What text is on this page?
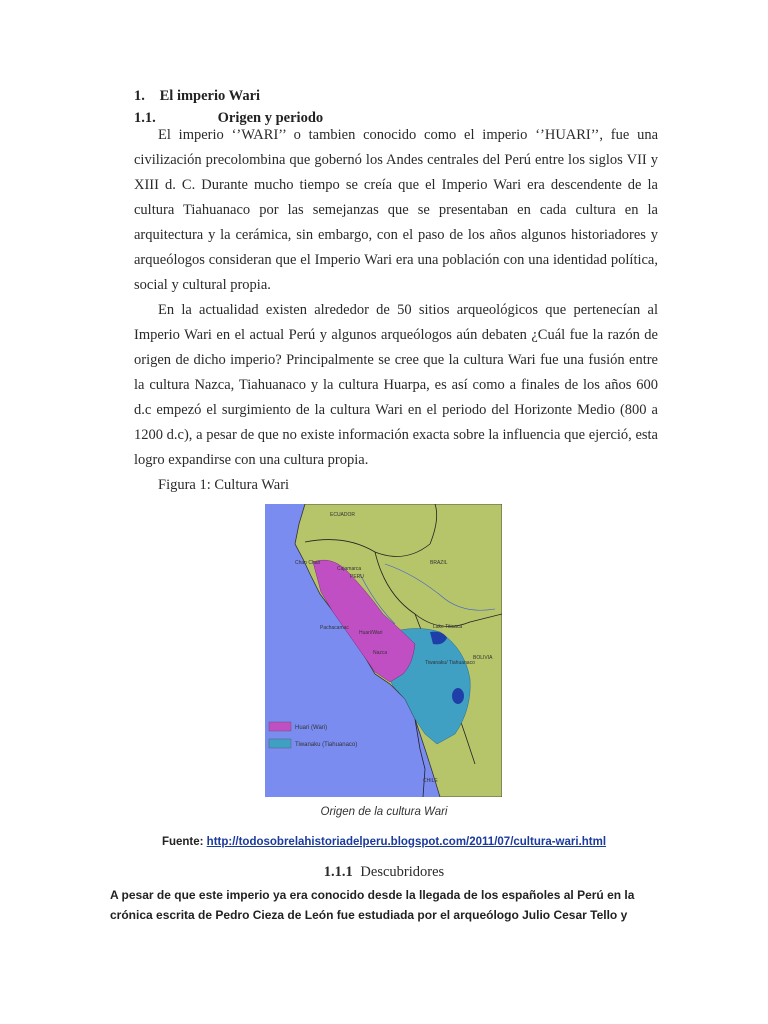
1. El imperio Wari
1.1.	Origen y periodo

El imperio ‘’WARI’’ o tambien conocido como el imperio ‘’HUARI’’, fue una civilización precolombina que gobernó los Andes centrales del Perú entre los siglos VII y XIII d. C. Durante mucho tiempo se creía que el Imperio Wari era descendente de la cultura Tiahuanaco por las semejanzas que se presentaban en cada cultura en la arquitectura y la cerámica, sin embargo, con el paso de los años algunos historiadores y arqueólogos consideran que el Imperio Wari era una población con una identidad política, social y cultural propia.

En la actualidad existen alrededor de 50 sitios arqueológicos que pertenecían al Imperio Wari en el actual Perú y algunos arqueólogos aún debaten ¿Cuál fue la razón de origen de dicho imperio? Principalmente se cree que la cultura Wari fue una fusión entre la cultura Nazca, Tiahuanaco y la cultura Huarpa, es así como a finales de los años 600 d.c empezó el surgimiento de la cultura Wari en el periodo del Horizonte Medio (800 a 1200 d.c), a pesar de que no existe información exacta sobre la influencia que ejerció, esta logro expandirse con una cultura propia.

Figura 1: Cultura Wari
ECUADOR
PERU
BRAZIL
BOLIVIA
CHILE
Chan Chan
Cajamarca
Pachacamac
Huari/Wari
Nazca
Tiwanaku/ Tiahuanaco
Lake Titicaca
Huari (Wari)
Tiwanaku (Tiahuanaco)
Origen de la cultura Wari
Fuente: http://todosobrelahistoriadelperu.blogspot.com/2011/07/cultura-wari.html
1.1.1 Descubridores

A pesar de que este imperio ya era conocido desde la llegada de los españoles al Perú en la crónica escrita de Pedro Cieza de León fue estudiada por el arqueólogo Julio Cesar Tello y
